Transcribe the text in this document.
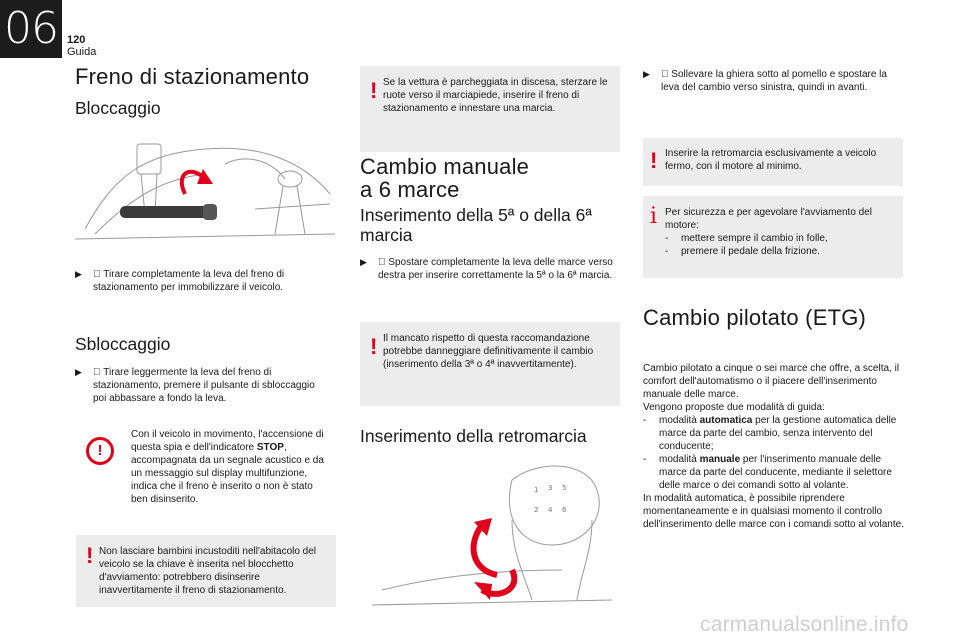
06 120
Guida
Freno di stazionamento
Bloccaggio

▶ Tirare completamente la leva del freno di stazionamento per immobilizzare il veicolo.
Sbloccaggio

▶ Tirare leggermente la leva del freno di stazionamento, premere il pulsante di sbloccaggio poi abbassare a fondo la leva.
!
Con il veicolo in movimento, l'accensione di questa spia e dell'indicatore STOP, accompagnata da un segnale acustico e da un messaggio sul display multifunzione, indica che il freno è inserito o non è stato ben disinserito.
! Non lasciare bambini incustoditi nell'abitacolo del veicolo se la chiave è inserita nel blocchetto d'avviamento: potrebbero disinserire inavvertitamente il freno di stazionamento.
! Se la vettura è parcheggiata in discesa, sterzare le ruote verso il marciapiede, inserire il freno di stazionamento e innestare una marcia.
Cambio manuale
a 6 marce
Inserimento della 5ª o della 6ª
marcia

▶ Spostare completamente la leva delle marce verso destra per inserire correttamente la 5ª o la 6ª marcia.
! Il mancato rispetto di questa raccomandazione potrebbe danneggiare definitivamente il cambio (inserimento della 3ª o 4ª inavvertitamente).
Inserimento della retromarcia
1 3 5
2 4 6

▶ Sollevare la ghiera sotto al pomello e spostare la leva del cambio verso sinistra, quindi in avanti.
! Inserire la retromarcia esclusivamente a veicolo fermo, con il motore al minimo.
i Per sicurezza e per agevolare l'avviamento del motore:
- mettere sempre il cambio in folle,
- premere il pedale della frizione.
Cambio pilotato (ETG)
Cambio pilotato a cinque o sei marce che offre, a scelta, il comfort dell'automatismo o il piacere dell'inserimento manuale delle marce.
Vengono proposte due modalità di guida:
- modalità automatica per la gestione automatica delle marce da parte del cambio, senza intervento del conducente;
- modalità manuale per l'inserimento manuale delle marce da parte del conducente, mediante il selettore delle marce o dei comandi sotto al volante.
In modalità automatica, è possibile riprendere momentaneamente e in qualsiasi momento il controllo dell'inserimento delle marce con i comandi sotto al volante.
carmanualsonline.info
